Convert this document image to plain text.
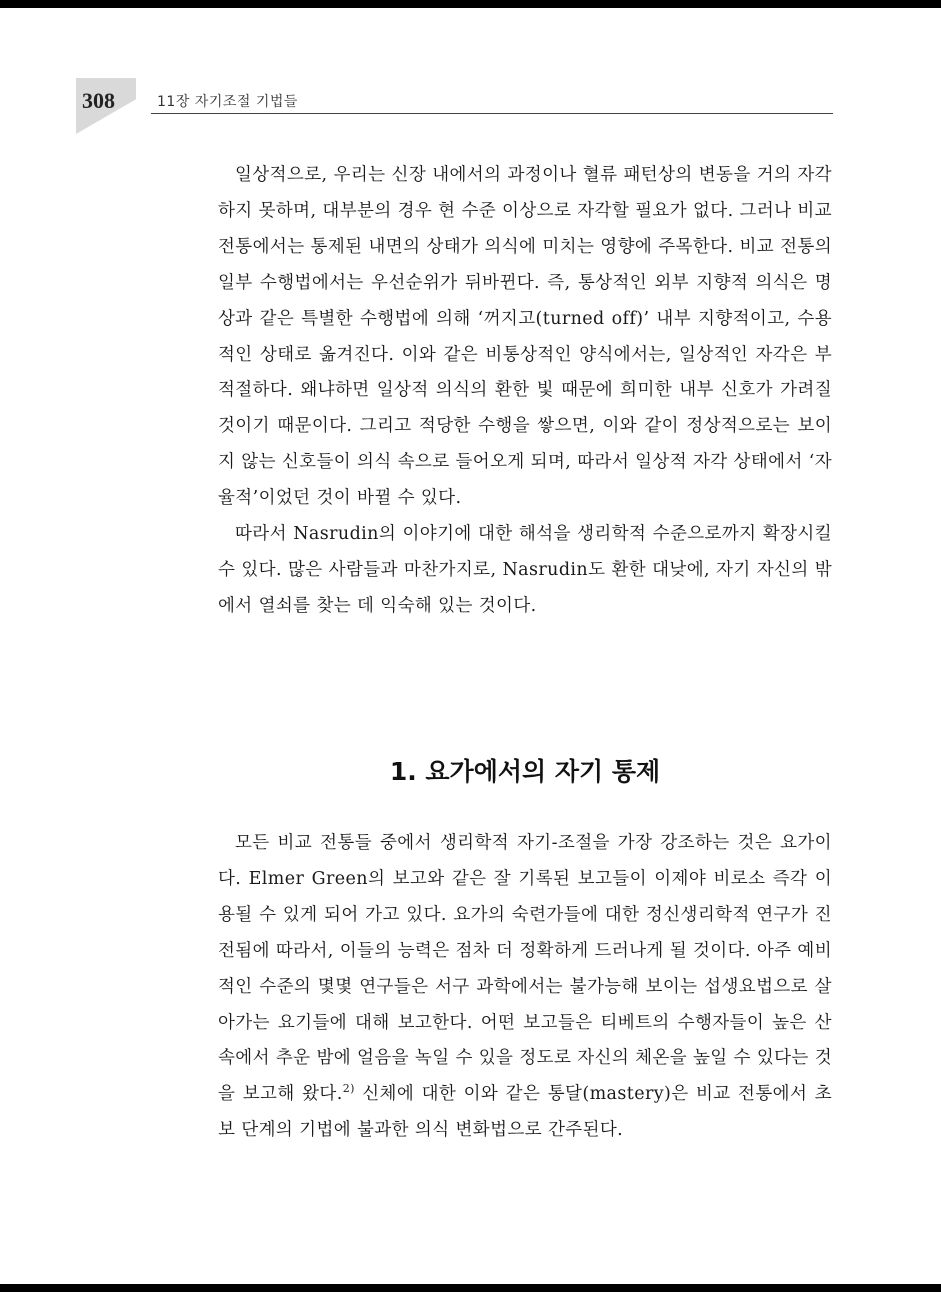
308	11장 자기조절 기법들

일상적으로, 우리는 신장 내에서의 과정이나 혈류 패턴상의 변동을 거의 자각하지 못하며, 대부분의 경우 현 수준 이상으로 자각할 필요가 없다. 그러나 비교 전통에서는 통제된 내면의 상태가 의식에 미치는 영향에 주목한다. 비교 전통의 일부 수행법에서는 우선순위가 뒤바뀐다. 즉, 통상적인 외부 지향적 의식은 명상과 같은 특별한 수행법에 의해 ‘꺼지고(turned off)’ 내부 지향적이고, 수용적인 상태로 옮겨진다. 이와 같은 비통상적인 양식에서는, 일상적인 자각은 부적절하다. 왜냐하면 일상적 의식의 환한 빛 때문에 희미한 내부 신호가 가려질 것이기 때문이다. 그리고 적당한 수행을 쌓으면, 이와 같이 정상적으로는 보이지 않는 신호들이 의식 속으로 들어오게 되며, 따라서 일상적 자각 상태에서 ‘자율적’이었던 것이 바뀔 수 있다.

따라서 Nasrudin의 이야기에 대한 해석을 생리학적 수준으로까지 확장시킬 수 있다. 많은 사람들과 마찬가지로, Nasrudin도 환한 대낮에, 자기 자신의 밖에서 열쇠를 찾는 데 익숙해 있는 것이다.

1. 요가에서의 자기 통제

모든 비교 전통들 중에서 생리학적 자기-조절을 가장 강조하는 것은 요가이다. Elmer Green의 보고와 같은 잘 기록된 보고들이 이제야 비로소 즉각 이용될 수 있게 되어 가고 있다. 요가의 숙련가들에 대한 정신생리학적 연구가 진전됨에 따라서, 이들의 능력은 점차 더 정확하게 드러나게 될 것이다. 아주 예비적인 수준의 몇몇 연구들은 서구 과학에서는 불가능해 보이는 섭생요법으로 살아가는 요기들에 대해 보고한다. 어떤 보고들은 티베트의 수행자들이 높은 산 속에서 추운 밤에 얼음을 녹일 수 있을 정도로 자신의 체온을 높일 수 있다는 것을 보고해 왔다.$^{2)}$ 신체에 대한 이와 같은 통달(mastery)은 비교 전통에서 초보 단계의 기법에 불과한 의식 변화법으로 간주된다.
